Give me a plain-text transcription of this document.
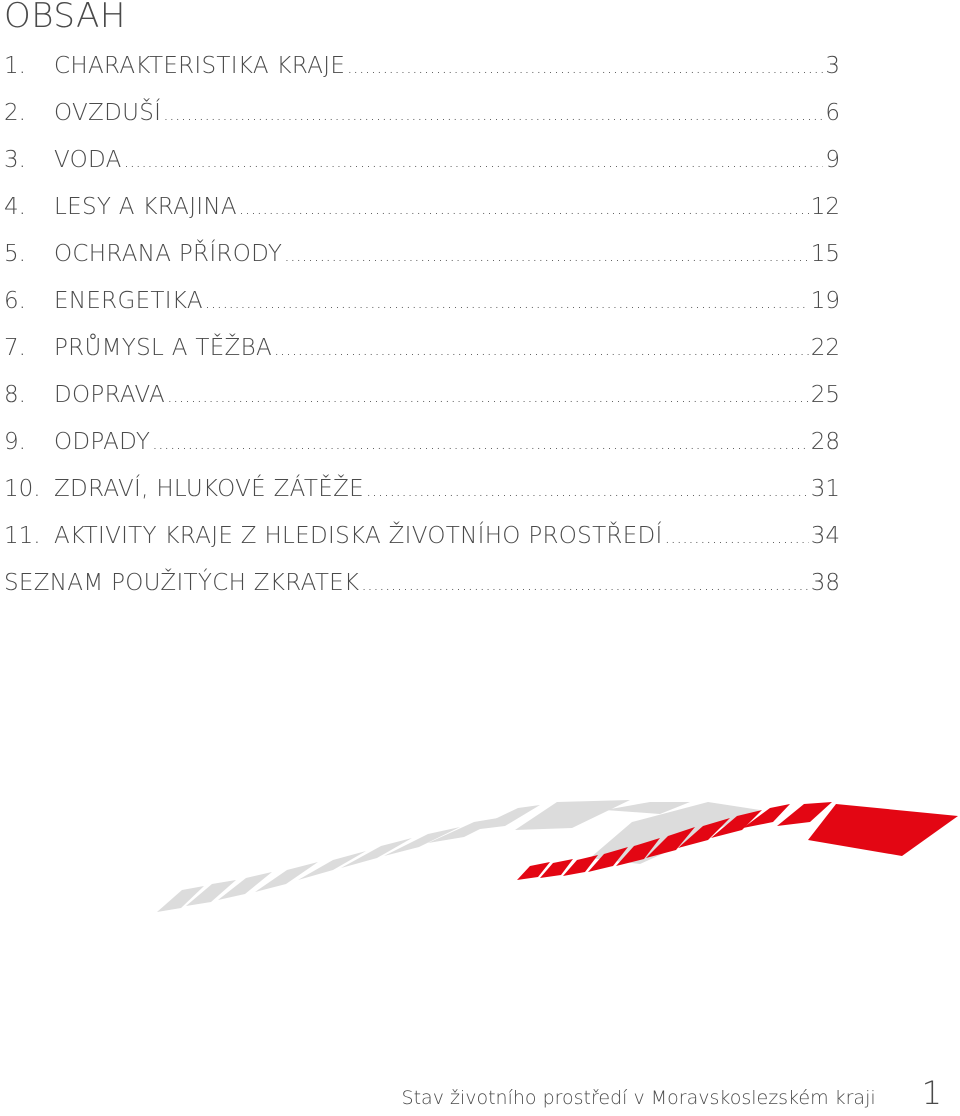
OBSAH
1.	CHARAKTERISTIKA KRAJE .....	3
2.	OVZDUŠÍ .....	6
3.	VODA .....	9
4.	LESY A KRAJINA .....	12
5.	OCHRANA PŘÍRODY .....	15
6.	ENERGETIKA .....	19
7.	PRŮMYSL A TĚŽBA .....	22
8.	DOPRAVA .....	25
9.	ODPADY .....	28
10. ZDRAVÍ, HLUKOVÉ ZÁTĚŽE .....	31
11. AKTIVITY KRAJE Z HLEDISKA ŽIVOTNÍHO PROSTŘEDÍ .....	34
SEZNAM POUŽITÝCH ZKRATEK .....	38
Stav životního prostředí v Moravskoslezském kraji 1
